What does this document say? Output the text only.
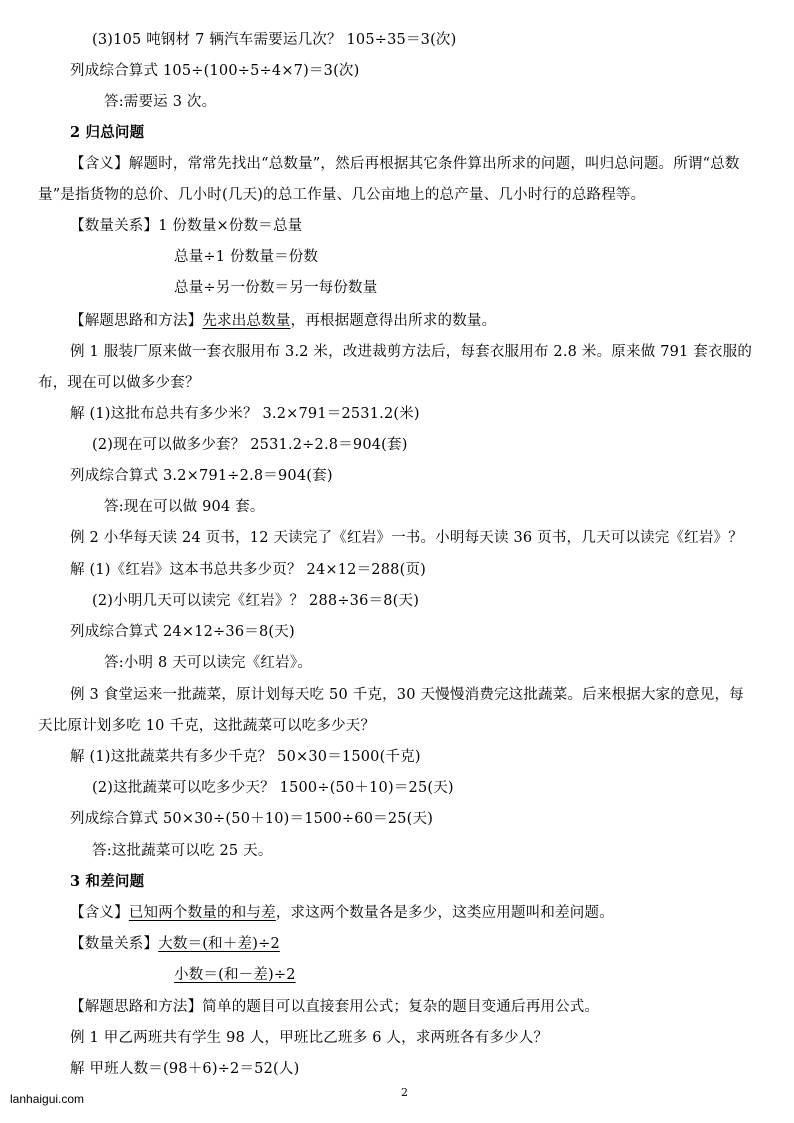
(3)105 吨钢材 7 辆汽车需要运几次？ 105÷35＝3(次)
列成综合算式 105÷(100÷5÷4×7)＝3(次)
答:需要运 3 次。
2 归总问题
【含义】解题时，常常先找出“总数量”，然后再根据其它条件算出所求的问题，叫归总问题。所谓“总数
量”是指货物的总价、几小时(几天)的总工作量、几公亩地上的总产量、几小时行的总路程等。
【数量关系】1 份数量×份数＝总量
总量÷1 份数量＝份数
总量÷另一份数＝另一每份数量
【解题思路和方法】先求出总数量，再根据题意得出所求的数量。
例 1 服装厂原来做一套衣服用布 3.2 米，改进裁剪方法后，每套衣服用布 2.8 米。原来做 791 套衣服的
布，现在可以做多少套？
解 (1)这批布总共有多少米？ 3.2×791＝2531.2(米)
(2)现在可以做多少套？ 2531.2÷2.8＝904(套)
列成综合算式 3.2×791÷2.8＝904(套)
答:现在可以做 904 套。
例 2 小华每天读 24 页书，12 天读完了《红岩》一书。小明每天读 36 页书，几天可以读完《红岩》？
解 (1)《红岩》这本书总共多少页？ 24×12＝288(页)
(2)小明几天可以读完《红岩》？ 288÷36＝8(天)
列成综合算式 24×12÷36＝8(天)
答:小明 8 天可以读完《红岩》。
例 3 食堂运来一批蔬菜，原计划每天吃 50 千克，30 天慢慢消费完这批蔬菜。后来根据大家的意见，每
天比原计划多吃 10 千克，这批蔬菜可以吃多少天？
解 (1)这批蔬菜共有多少千克？ 50×30＝1500(千克)
(2)这批蔬菜可以吃多少天？ 1500÷(50＋10)＝25(天)
列成综合算式 50×30÷(50＋10)＝1500÷60＝25(天)
答:这批蔬菜可以吃 25 天。
3 和差问题
【含义】已知两个数量的和与差，求这两个数量各是多少，这类应用题叫和差问题。
【数量关系】大数＝(和＋差)÷2
小数＝(和－差)÷2
【解题思路和方法】简单的题目可以直接套用公式；复杂的题目变通后再用公式。
例 1 甲乙两班共有学生 98 人，甲班比乙班多 6 人，求两班各有多少人？
解 甲班人数＝(98＋6)÷2＝52(人)
lanhaigui.com	2
